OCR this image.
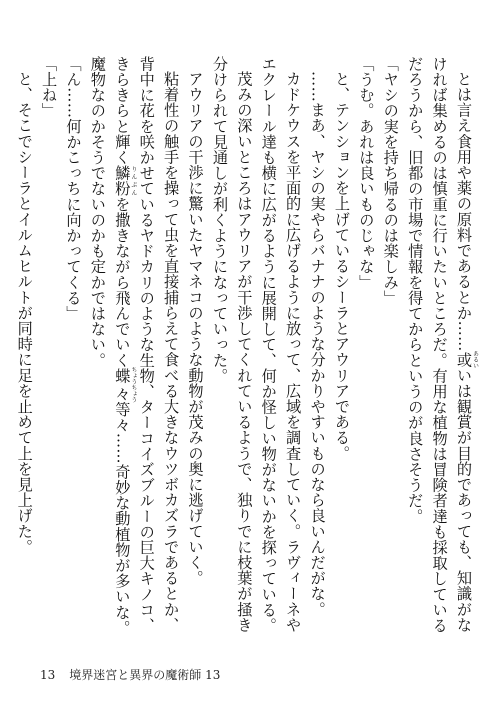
とは言え食用や薬の原料であるとか……或あるいいは観賞が目的であっても、知識がなければ集めるのは慎重に行いたいところだ。有用な植物は冒険者達も採取しているだろうから、旧都の市場で情報を得てからというのが良さそうだ。

「ヤシの実を持ち帰るのは楽しみ」

「うむ。あれは良いものじゃな」

と、テンションを上げているシーラとアウリアである。

……まあ、ヤシの実やらバナナのような分かりやすいものなら良いんだがな。

カドケウスを平面的に広げるように放って、広域を調査していく。ラヴィーネやエクレール達も横に広がるように展開して、何か怪しい物がないかを探っている。

茂みの深いところはアウリアが干渉してくれているようで、独りでに枝葉が掻き分けられて見通しが利くようになっていった。

アウリアの干渉に驚いたヤマネコのような動物が茂みの奥に逃げていく。

粘着性の触手を操って虫を直接捕らえて食べる大きなウツボカズラであるとか、背中に花を咲かせているヤドカリのような生物、ターコイズブルーの巨大キノコ、きらきらと輝く鱗粉りんぷんを撒きながら飛んでいく蝶々ちょうちょう等々……奇妙な動植物が多いな。魔物なのかそうでないのかも定かではない。

「ん……何かこっちに向かってくる」

「上ね」

と、そこでシーラとイルムヒルトが同時に足を止めて上を見上げた。

13 境界迷宮と異界の魔術師 13
